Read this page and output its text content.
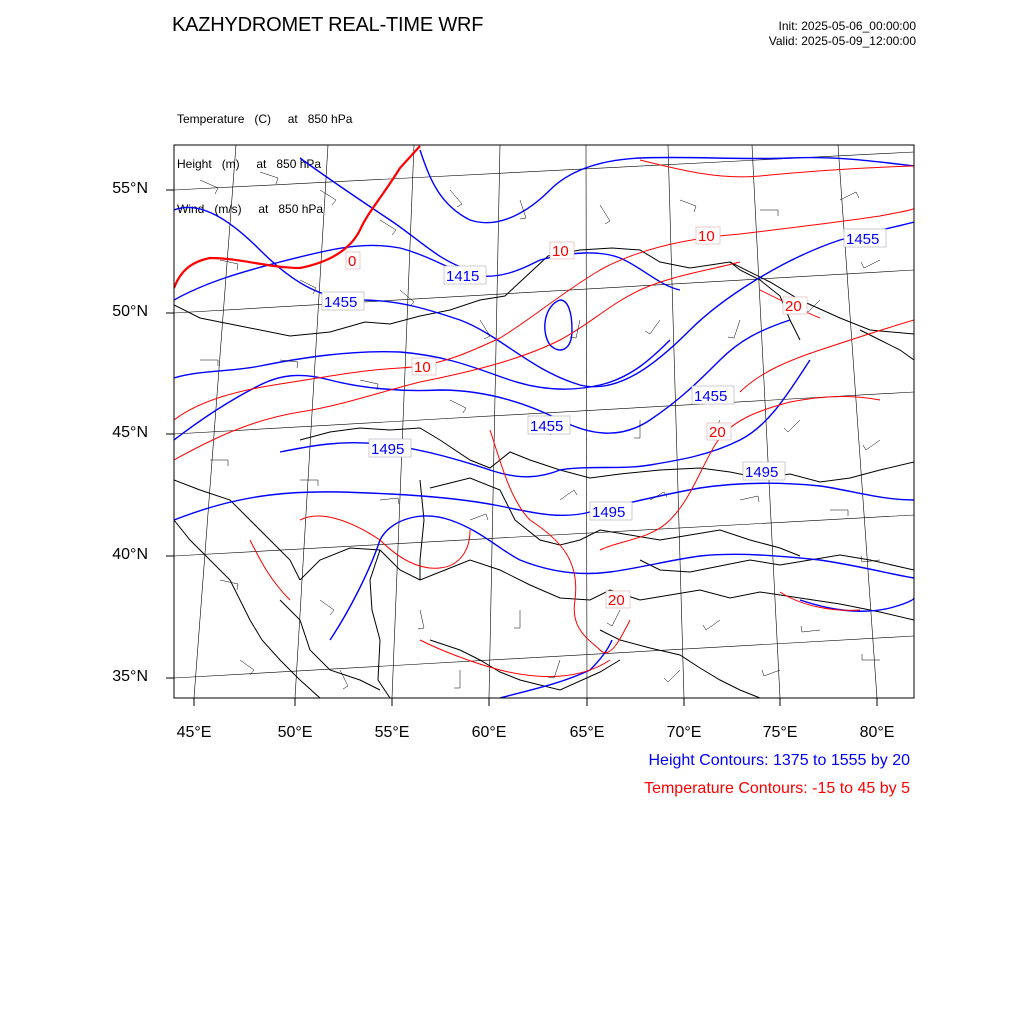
KAZHYDROMET REAL-TIME WRF	Init: 2025-05-06_00:00:00
Valid: 2025-05-09_12:00:00

Temperature   (C)     at   850 hPa

Height   (m)     at   850 hPa

Wind   (m/s)     at   850 hPa

1415
1455
1455
1455
1455
1495
1495
1495
0
10
10
10
20
20
20
55°N
50°N
45°N
40°N
35°N
45°E	50°E	55°E	60°E	65°E	70°E	75°E	80°E
Height Contours: 1375 to 1555 by 20
Temperature Contours: -15 to 45 by 5
